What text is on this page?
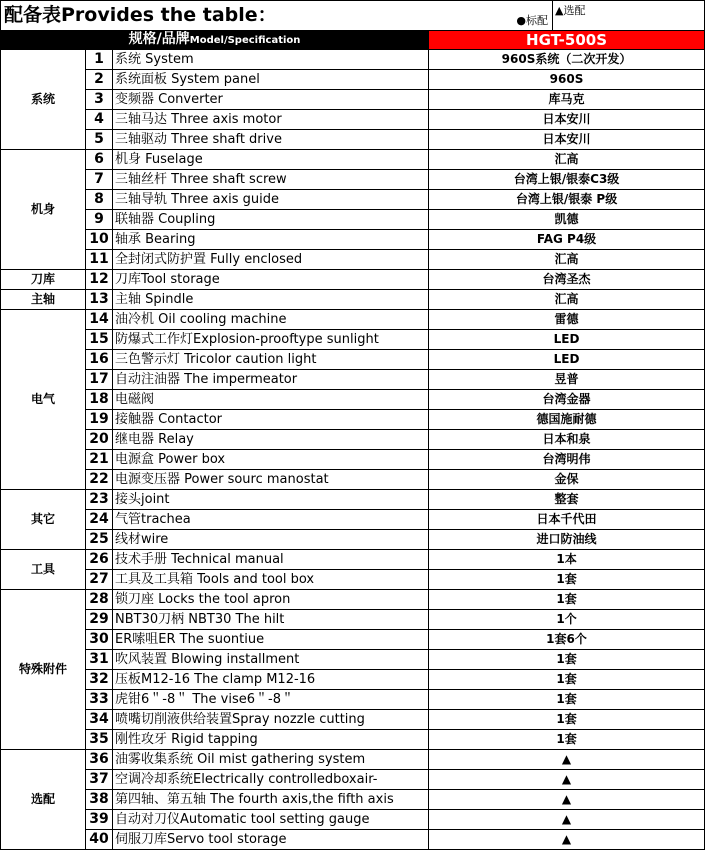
配备表Provides the table：			●标配	▲选配
规格/品牌Model/Specification			HGT-500S	
系统	1	系统 System	960S系统（二次开发）	
	2	系统面板 System panel	960S	
	3	变频器 Converter	库马克	
	4	三轴马达 Three axis motor	日本安川	
	5	三轴驱动 Three shaft drive	日本安川	
机身	6	机身 Fuselage	汇高	
	7	三轴丝杆 Three shaft screw	台湾上银/银泰C3级	
	8	三轴导轨 Three axis guide	台湾上银/银泰 P级	
	9	联轴器 Coupling	凯德	
	10	轴承 Bearing	FAG P4级	
	11	全封闭式防护置 Fully enclosed	汇高	
刀库	12	刀库Tool storage	台湾圣杰	
主轴	13	主轴 Spindle	汇高	
电气	14	油冷机 Oil cooling machine	雷德	
	15	防爆式工作灯Explosion-prooftype sunlight	LED	
	16	三色警示灯 Tricolor caution light	LED	
	17	自动注油器 The impermeator	昱普	
	18	电磁阀	台湾金器	
	19	接触器 Contactor	德国施耐德	
	20	继电器 Relay	日本和泉	
	21	电源盒 Power box	台湾明伟	
	22	电源变压器 Power sourc manostat	金保	
其它	23	接头joint	整套	
	24	气管trachea	日本千代田	
	25	线材wire	进口防油线	
工具	26	技术手册 Technical manual	1本	
	27	工具及工具箱 Tools and tool box	1套	
特殊附件	28	锁刀座 Locks the tool apron	1套	
	29	NBT30刀柄 NBT30 The hilt	1个	
	30	ER嗦咀ER The suontiue	1套6个	
	31	吹风装置 Blowing installment	1套	
	32	压板M12-16 The clamp M12-16	1套	
	33	虎钳6＂-8＂ The vise6＂-8＂	1套	
	34	喷嘴切削液供给装置Spray nozzle cutting	1套	
	35	刚性攻牙 Rigid tapping	1套	
选配	36	油雾收集系统 Oil mist gathering system	▲	
	37	空调冷却系统Electrically controlledboxair-	▲	
	38	第四轴、第五轴 The fourth axis,the fifth axis	▲	
	39	自动对刀仪Automatic tool setting gauge	▲	
	40	伺服刀库Servo tool storage	▲	
